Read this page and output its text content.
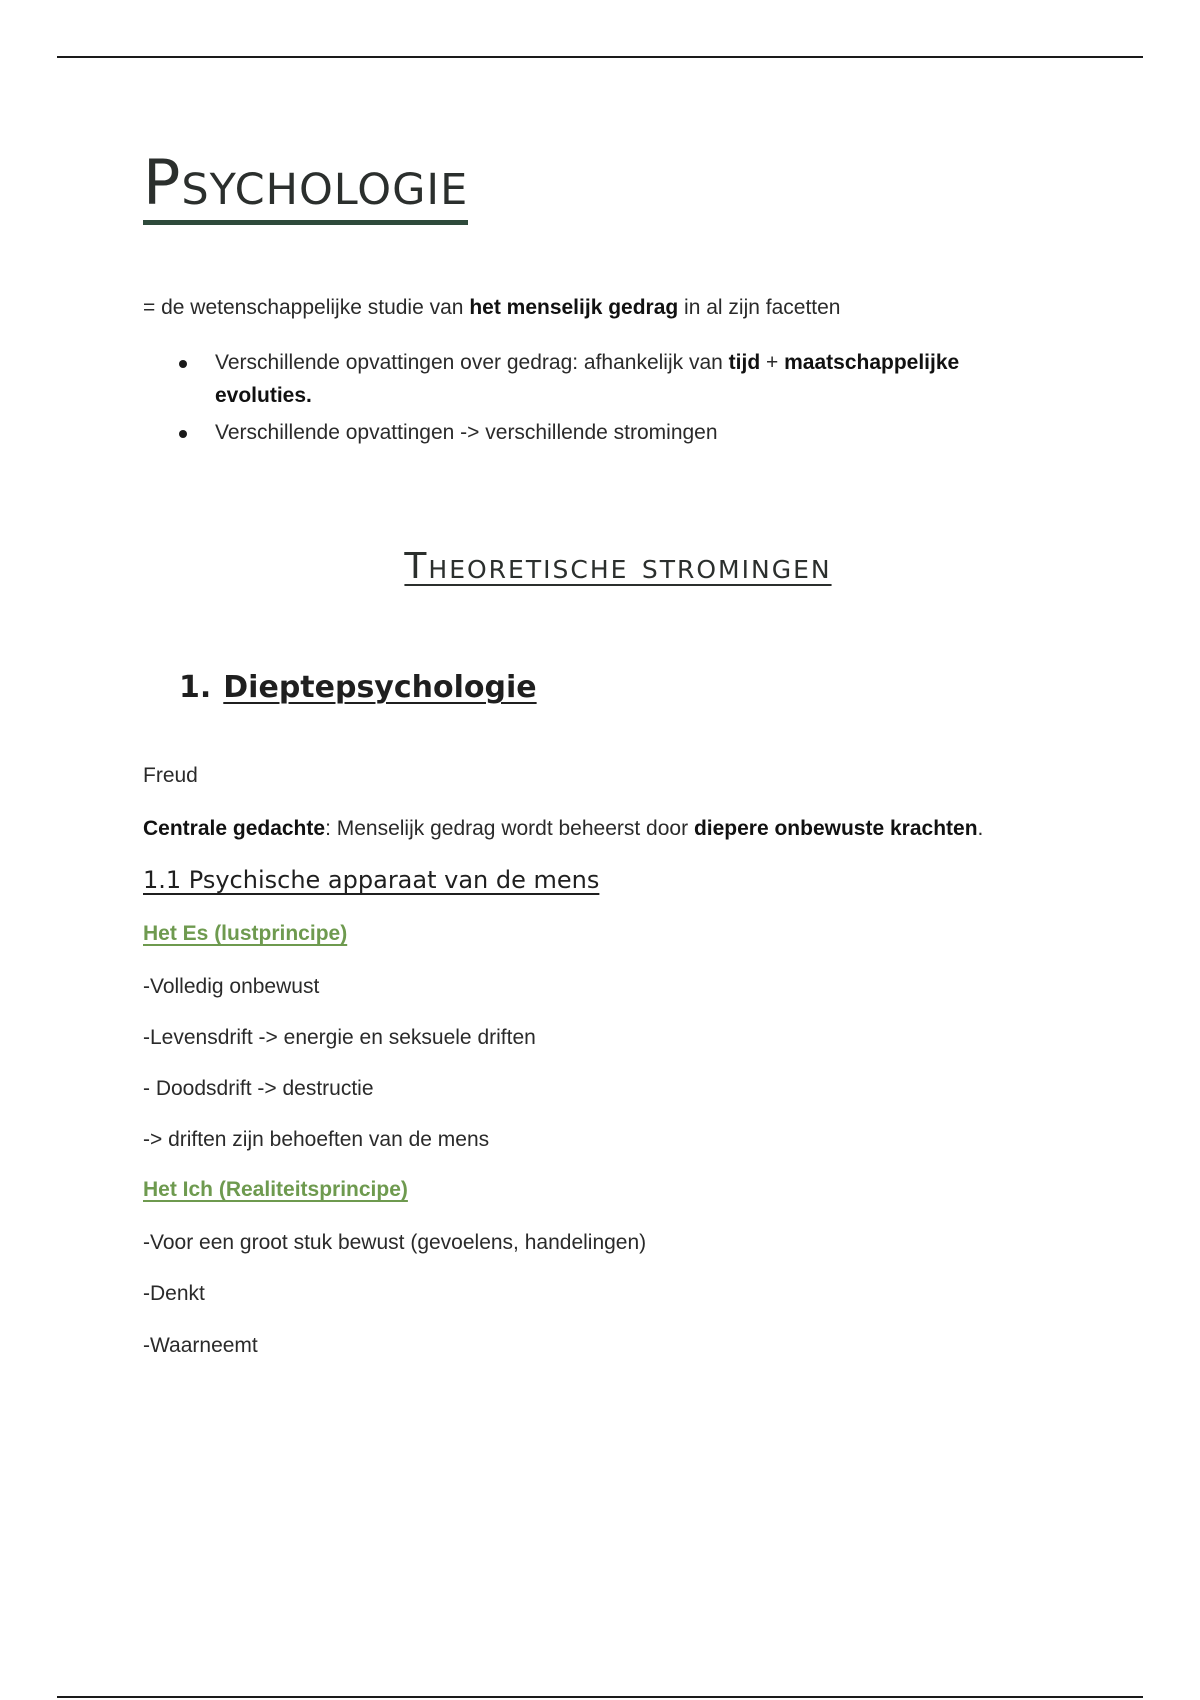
Psychologie
= de wetenschappelijke studie van het menselijk gedrag in al zijn facetten
Verschillende opvattingen over gedrag: afhankelijk van tijd + maatschappelijke evoluties.
Verschillende opvattingen -> verschillende stromingen
Theoretische stromingen
1. Dieptepsychologie
Freud
Centrale gedachte: Menselijk gedrag wordt beheerst door diepere onbewuste krachten.
1.1 Psychische apparaat van de mens
Het Es (lustprincipe)
-Volledig onbewust
-Levensdrift -> energie en seksuele driften
- Doodsdrift -> destructie
-> driften zijn behoeften van de mens
Het Ich (Realiteitsprincipe)
-Voor een groot stuk bewust (gevoelens, handelingen)
-Denkt
-Waarneemt
